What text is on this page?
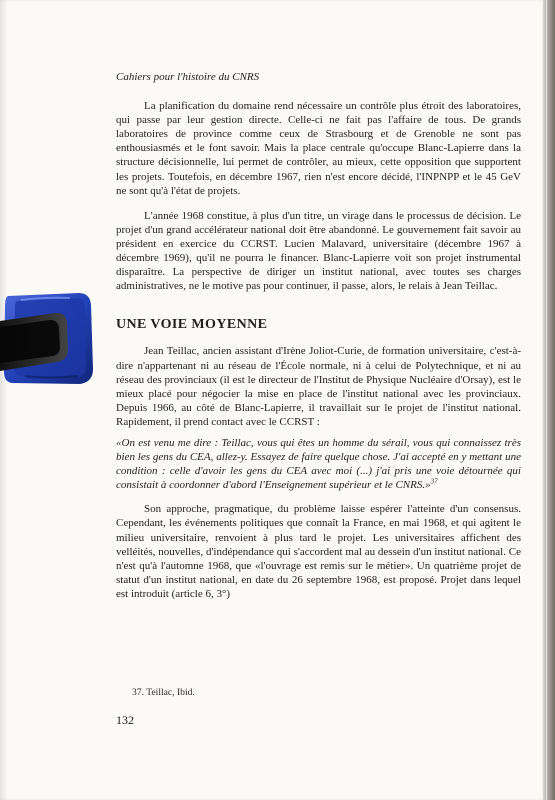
Cahiers pour l'histoire du CNRS

La planification du domaine rend nécessaire un contrôle plus étroit des laboratoires, qui passe par leur gestion directe. Celle-ci ne fait pas l'affaire de tous. De grands laboratoires de province comme ceux de Strasbourg et de Grenoble ne sont pas enthousiasmés et le font savoir. Mais la place centrale qu'occupe Blanc-Lapierre dans la structure décisionnelle, lui permet de contrôler, au mieux, cette opposition que supportent les projets. Toutefois, en décembre 1967, rien n'est encore décidé, l'INPNPP et le 45 GeV ne sont qu'à l'état de projets.

L'année 1968 constitue, à plus d'un titre, un virage dans le processus de décision. Le projet d'un grand accélérateur national doit être abandonné. Le gouvernement fait savoir au président en exercice du CCRST. Lucien Malavard, universitaire (décembre 1967 à décembre 1969), qu'il ne pourra le financer. Blanc-Lapierre voit son projet instrumental disparaître. La perspective de diriger un institut national, avec toutes ses charges administratives, ne le motive pas pour continuer, il passe, alors, le relais à Jean Teillac.

UNE VOIE MOYENNE

Jean Teillac, ancien assistant d'Irène Joliot-Curie, de formation universitaire, c'est-à-dire n'appartenant ni au réseau de l'École normale, ni à celui de Polytechnique, et ni au réseau des provinciaux (il est le directeur de l'Institut de Physique Nucléaire d'Orsay), est le mieux placé pour négocier la mise en place de l'institut national avec les provinciaux. Depuis 1966, au côté de Blanc-Lapierre, il travaillait sur le projet de l'institut national. Rapidement, il prend contact avec le CCRST :

«On est venu me dire : Teillac, vous qui êtes un homme du sérail, vous qui connaissez très bien les gens du CEA, allez-y. Essayez de faire quelque chose. J'ai accepté en y mettant une condition : celle d'avoir les gens du CEA avec moi (...) j'ai pris une voie détournée qui consistait à coordonner d'abord l'Enseignement supérieur et le CNRS.»$^{37}$

Son approche, pragmatique, du problème laisse espérer l'atteinte d'un consensus. Cependant, les événements politiques que connaît la France, en mai 1968, et qui agitent le milieu universitaire, renvoient à plus tard le projet. Les universitaires affichent des velléités, nouvelles, d'indépendance qui s'accordent mal au dessein d'un institut national. Ce n'est qu'à l'automne 1968, que «l'ouvrage est remis sur le métier». Un quatrième projet de statut d'un institut national, en date du 26 septembre 1968, est proposé. Projet dans lequel est introduit (article 6, 3°)

37. Teillac, Ibid.
132
